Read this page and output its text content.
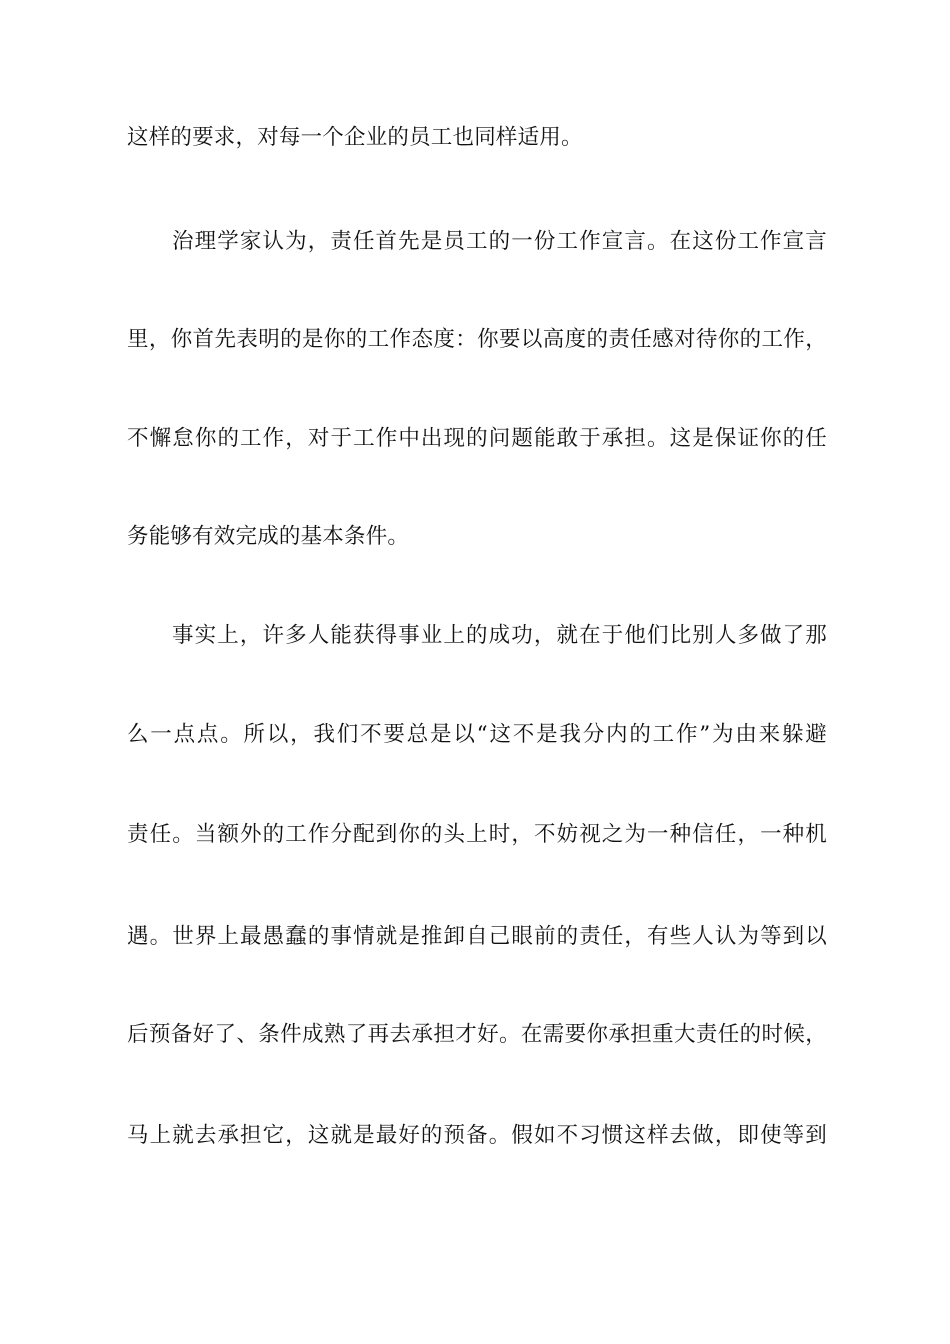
这样的要求，对每一个企业的员工也同样适用。
治理学家认为，责任首先是员工的一份工作宣言。在这份工作宣言
里，你首先表明的是你的工作态度：你要以高度的责任感对待你的工作，
不懈怠你的工作，对于工作中出现的问题能敢于承担。这是保证你的任
务能够有效完成的基本条件。
事实上，许多人能获得事业上的成功，就在于他们比别人多做了那
么一点点。所以，我们不要总是以“这不是我分内的工作”为由来躲避
责任。当额外的工作分配到你的头上时，不妨视之为一种信任，一种机
遇。世界上最愚蠢的事情就是推卸自己眼前的责任，有些人认为等到以
后预备好了、条件成熟了再去承担才好。在需要你承担重大责任的时候，
马上就去承担它，这就是最好的预备。假如不习惯这样去做，即使等到
